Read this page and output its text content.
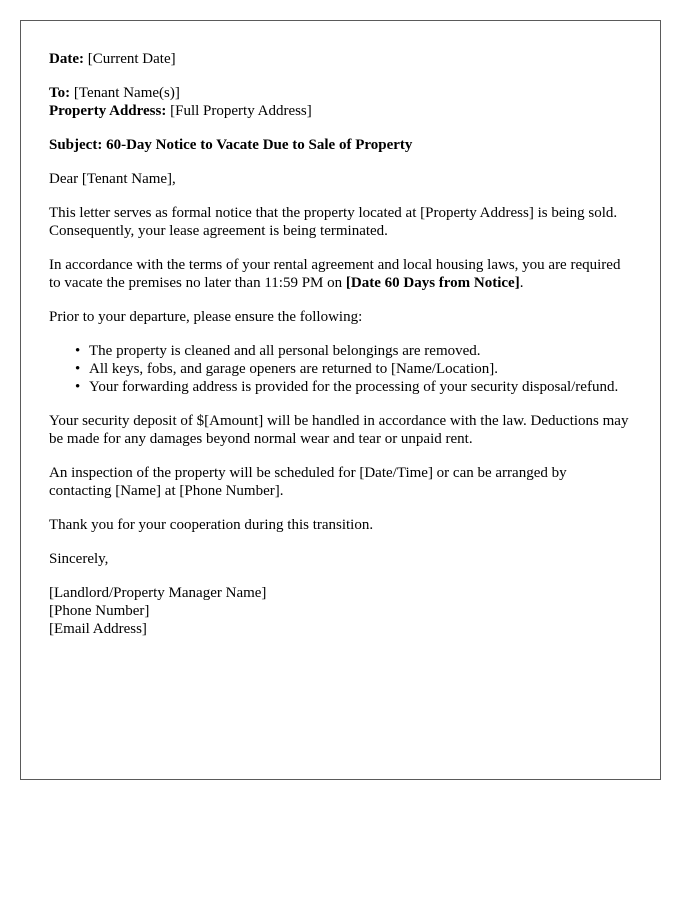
Date: [Current Date]
To: [Tenant Name(s)]
Property Address: [Full Property Address]
Subject: 60-Day Notice to Vacate Due to Sale of Property
Dear [Tenant Name],

This letter serves as formal notice that the property located at [Property Address] is being sold. Consequently, your lease agreement is being terminated.

In accordance with the terms of your rental agreement and local housing laws, you are required to vacate the premises no later than 11:59 PM on [Date 60 Days from Notice].

Prior to your departure, please ensure the following:

• The property is cleaned and all personal belongings are removed.
• All keys, fobs, and garage openers are returned to [Name/Location].
• Your forwarding address is provided for the processing of your security disposal/refund.

Your security deposit of $[Amount] will be handled in accordance with the law. Deductions may be made for any damages beyond normal wear and tear or unpaid rent.

An inspection of the property will be scheduled for [Date/Time] or can be arranged by contacting [Name] at [Phone Number].

Thank you for your cooperation during this transition.

Sincerely,

[Landlord/Property Manager Name]
[Phone Number]
[Email Address]
